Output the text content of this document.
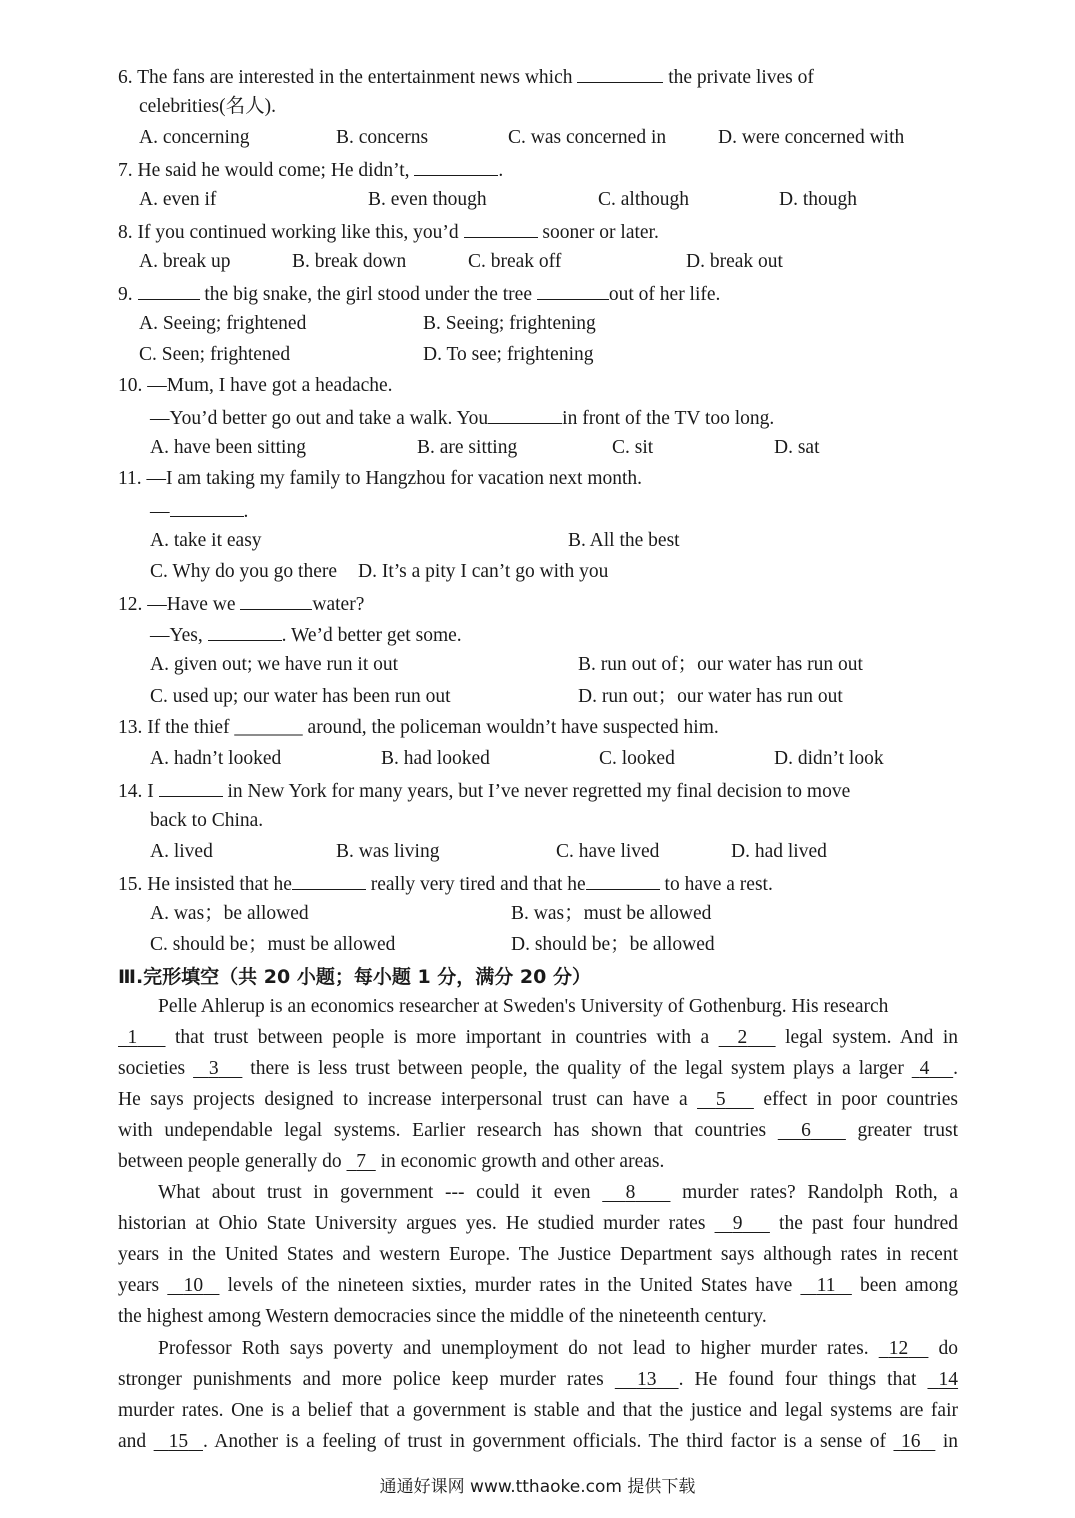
6. The fans are interested in the entertainment news which	the private lives of
celebrities(名人).
A. concerning	B. concerns	C. was concerned in	D. were concerned with
7. He said he would come; He didn’t,	.
A. even if	B. even though	C. although	D. though
8. If you continued working like this, you’d	sooner or later.
A. break up	B. break down	C. break off	D. break out
9.	the big snake, the girl stood under the tree	out of her life.
A. Seeing; frightened	B. Seeing; frightening
C. Seen; frightened	D. To see; frightening
10. —Mum, I have got a headache.
—You’d better go out and take a walk. You	in front of the TV too long.
A. have been sitting	B. are sitting	C. sit	D. sat
11. —I am taking my family to Hangzhou for vacation next month.
—	.
A. take it easy	B. All the best
C. Why do you go there D. It’s a pity I can’t go with you
12. —Have we	water?
—Yes,	. We’d better get some.
A. given out; we have run it out	B. run out of；our water has run out
C. used up; our water has been run out	D. run out；our water has run out
13. If the thief _______ around, the policeman wouldn’t have suspected him.
A. hadn’t looked	B. had looked	C. looked	D. didn’t look
14. I	in New York for many years, but I’ve never regretted my final decision to move
back to China.
A. lived	B. was living	C. have lived	D. had lived
15. He insisted that he	really very tired and that he	to have a rest.
A. was；be allowed	B. was；must be allowed
C. should be；must be allowed	D. should be；be allowed
Ⅲ.完形填空（共 20 小题；每小题 1 分，满分 20 分）
Pelle Ahlerup is an economics researcher at Sweden's University of Gothenburg. His research
1    that trust between people is more important in countries with a   2    legal system. And in
societies   3    there is less trust between people, the quality of the legal system plays a larger  4 .
He says projects designed to increase interpersonal trust can have a   5    effect in poor countries
with undependable legal systems. Earlier research has shown that countries   6    greater trust
between people generally do   7   in economic growth and other areas.
What about trust in government --- could it even   8    murder rates? Randolph Roth, a
historian at Ohio State University argues yes. He studied murder rates   9    the past four hundred
years in the United States and western Europe. The Justice Department says although rates in recent
years   10   levels of the nineteen sixties, murder rates in the United States have   11   been among
the highest among Western democracies since the middle of the nineteenth century.
Professor Roth says poverty and unemployment do not lead to higher murder rates.  12   do
stronger punishments and more police keep murder rates   13 . He found four things that  14
murder rates. One is a belief that a government is stable and that the justice and legal systems are fair
and   15 . Another is a feeling of trust in government officials. The third factor is a sense of  16   in
通通好课网 www.tthaoke.com 提供下载
